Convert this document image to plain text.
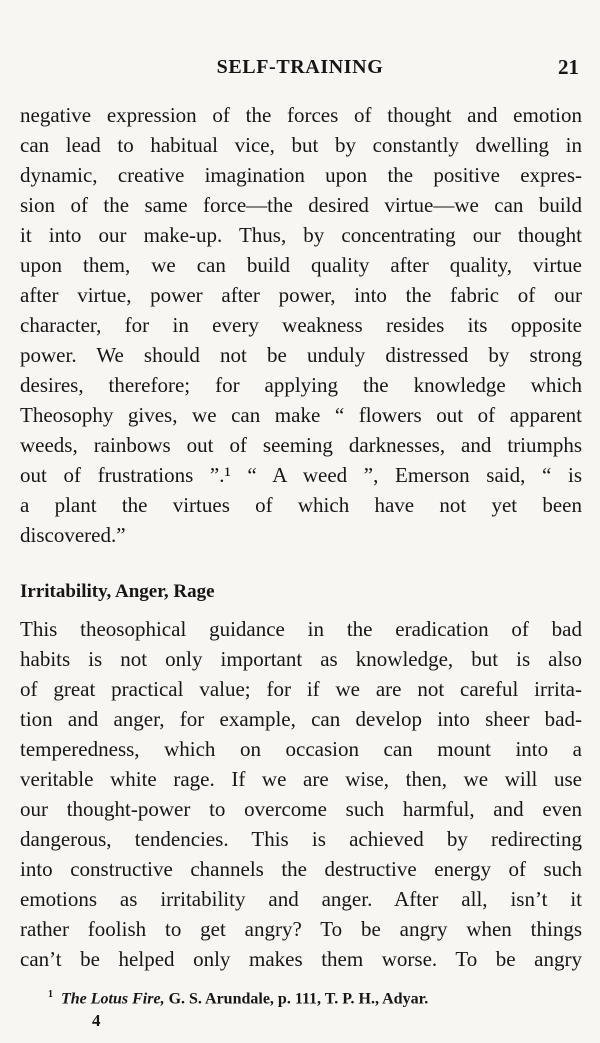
SELF-TRAINING	21
negative expression of the forces of thought and emotion
can lead to habitual vice, but by constantly dwelling in
dynamic, creative imagination upon the positive expres-
sion of the same force—the desired virtue—we can build
it into our make-up. Thus, by concentrating our thought
upon them, we can build quality after quality, virtue
after virtue, power after power, into the fabric of our
character, for in every weakness resides its opposite
power. We should not be unduly distressed by strong
desires, therefore; for applying the knowledge which
Theosophy gives, we can make “ flowers out of apparent
weeds, rainbows out of seeming darknesses, and triumphs
out of frustrations ”.¹ “ A weed ”, Emerson said, “ is
a plant the virtues of which have not yet been
discovered.”
Irritability, Anger, Rage
This theosophical guidance in the eradication of bad
habits is not only important as knowledge, but is also
of great practical value; for if we are not careful irrita-
tion and anger, for example, can develop into sheer bad-
temperedness, which on occasion can mount into a
veritable white rage. If we are wise, then, we will use
our thought-power to overcome such harmful, and even
dangerous, tendencies. This is achieved by redirecting
into constructive channels the destructive energy of such
emotions as irritability and anger. After all, isn’t it
rather foolish to get angry? To be angry when things
can’t be helped only makes them worse. To be angry
$^1$ The Lotus Fire, G. S. Arundale, p. 111, T. P. H., Adyar.
4
